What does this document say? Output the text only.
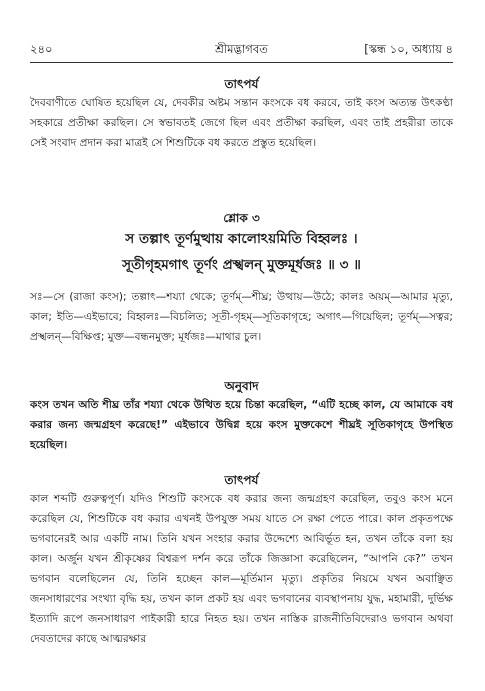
২৪০	শ্রীমদ্ভাগবত	[স্কন্ধ ১০, অধ্যায় ৪
তাৎপর্য
দৈববাণীতে ঘোষিত হয়েছিল যে, দেবকীর অষ্টম সন্তান কংসকে বধ করবে, তাই কংস অত্যন্ত উৎকণ্ঠা সহকারে প্রতীক্ষা করছিল। সে স্বভাবতই জেগে ছিল এবং প্রতীক্ষা করছিল, এবং তাই প্রহরীরা তাকে সেই সংবাদ প্রদান করা মাত্রই সে শিশুটিকে বধ করতে প্রস্তুত হয়েছিল।
শ্লোক ৩

স তল্পাৎ তূর্ণমুত্থায় কালোঽয়মিতি বিহ্বলঃ ।

সূতীগৃহমগাৎ তূর্ণং প্রস্খলন্ মুক্তমূর্ধজঃ ॥ ৩ ॥

সঃ—সে (রাজা কংস); তল্পাৎ—শয্যা থেকে; তূর্ণম্—শীঘ্র; উত্থায়—উঠে; কালঃ অয়ম্—আমার মৃত্যু, কাল; ইতি—এইভাবে; বিহ্বলঃ—বিচলিত; সূতী-গৃহম্—সূতিকাগৃহে; অগাৎ—গিয়েছিল; তূর্ণম্—সত্বর; প্রস্খলন্—বিক্ষিপ্ত; মুক্ত—বন্ধনমুক্ত; মূর্ধজঃ—মাথার চুল।
অনুবাদ
কংস তখন অতি শীঘ্র তাঁর শয্যা থেকে উত্থিত হয়ে চিন্তা করেছিল, “এটি হচ্ছে কাল, যে আমাকে বধ করার জন্য জন্মগ্রহণ করেছে!” এইভাবে উদ্বিগ্ন হয়ে কংস মুক্তকেশে শীঘ্রই সূতিকাগৃহে উপস্থিত হয়েছিল।
তাৎপর্য
কাল শব্দটি গুরুত্বপূর্ণ। যদিও শিশুটি কংসকে বধ করার জন্য জন্মগ্রহণ করেছিল, তবুও কংস মনে করেছিল যে, শিশুটিকে বধ করার এখনই উপযুক্ত সময় যাতে সে রক্ষা পেতে পারে। কাল প্রকৃতপক্ষে ভগবানেরই আর একটি নাম। তিনি যখন সংহার করার উদ্দেশ্যে আবির্ভূত হন, তখন তাঁকে বলা হয় কাল। অর্জুন যখন শ্রীকৃষ্ণের বিশ্বরূপ দর্শন করে তাঁকে জিজ্ঞাসা করেছিলেন, “আপনি কে?” তখন ভগবান বলেছিলেন যে, তিনি হচ্ছেন কাল—মূর্তিমান মৃত্যু। প্রকৃতির নিয়মে যখন অবাঞ্ছিত জনসাধারণের সংখ্যা বৃদ্ধি হয়, তখন কাল প্রকট হয় এবং ভগবানের ব্যবস্থাপনায় যুদ্ধ, মহামারী, দুর্ভিক্ষ ইত্যাদি রূপে জনসাধারণ পাইকারী হারে নিহত হয়। তখন নাস্তিক রাজনীতিবিদেরাও ভগবান অথবা দেবতাদের কাছে আত্মরক্ষার
